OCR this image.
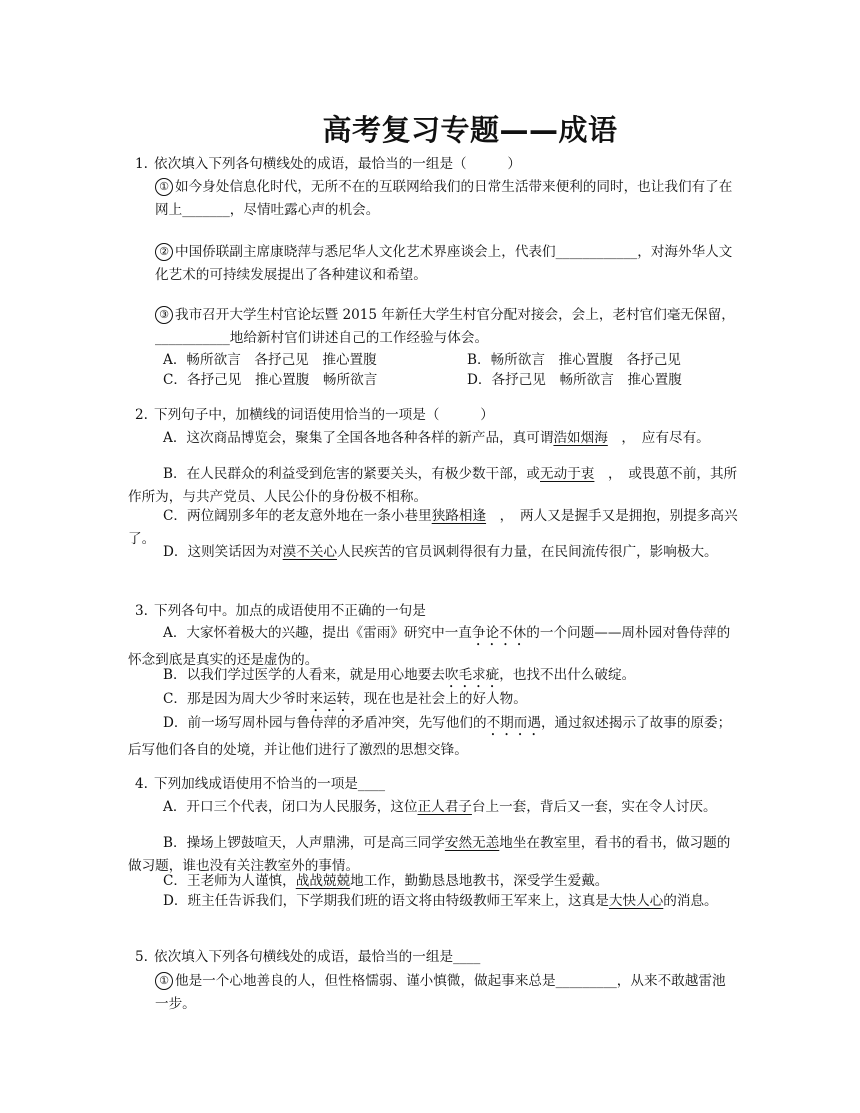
高考复习专题——成语
1. 依次填入下列各句横线处的成语，最恰当的一组是（　　　）
① 如今身处信息化时代，无所不在的互联网给我们的日常生活带来便利的同时，也让我们有了在网上_______，尽情吐露心声的机会。
② 中国侨联副主席康晓萍与悉尼华人文化艺术界座谈会上，代表们____________，对海外华人文化艺术的可持续发展提出了各种建议和希望。
③ 我市召开大学生村官论坛暨 2015 年新任大学生村官分配对接会，会上，老村官们毫无保留，___________地给新村官们讲述自己的工作经验与体会。
A．畅所欲言　各抒己见　推心置腹	B．畅所欲言　推心置腹　各抒己见
C．各抒己见　推心置腹　畅所欲言	D．各抒己见　畅所欲言　推心置腹
2. 下列句子中，加横线的词语使用恰当的一项是（　　　）
A．这次商品博览会，聚集了全国各地各种各样的新产品，真可谓浩如烟海　，　应有尽有。
B．在人民群众的利益受到危害的紧要关头，有极少数干部，或无动于衷　，　或畏葸不前，其所作所为，与共产党员、人民公仆的身份极不相称。
C．两位阔别多年的老友意外地在一条小巷里狭路相逢　，　两人又是握手又是拥抱，别提多高兴了。
D．这则笑话因为对漠不关心人民疾苦的官员讽刺得很有力量，在民间流传很广，影响极大。
3. 下列各句中。加点的成语使用不正确的一句是
A．大家怀着极大的兴趣，提出《雷雨》研究中一直争论不休的一个问题——周朴园对鲁侍萍的怀念到底是真实的还是虚伪的。
B．以我们学过医学的人看来，就是用心地要去吹毛求疵，也找不出什么破绽。
C．那是因为周大少爷时来运转，现在也是社会上的好人物。
D．前一场写周朴园与鲁侍萍的矛盾冲突，先写他们的不期而遇，通过叙述揭示了故事的原委；后写他们各自的处境，并让他们进行了激烈的思想交锋。
4. 下列加线成语使用不恰当的一项是____
A．开口三个代表，闭口为人民服务，这位正人君子台上一套，背后又一套，实在令人讨厌。
B．操场上锣鼓喧天，人声鼎沸，可是高三同学安然无恙地坐在教室里，看书的看书，做习题的做习题，谁也没有关注教室外的事情。
C．王老师为人谨慎，战战兢兢地工作，勤勤恳恳地教书，深受学生爱戴。
D．班主任告诉我们，下学期我们班的语文将由特级教师王军来上，这真是大快人心的消息。
5. 依次填入下列各句横线处的成语，最恰当的一组是____
① 他是一个心地善良的人，但性格懦弱、谨小慎微，做起事来总是_________，从来不敢越雷池一步。
